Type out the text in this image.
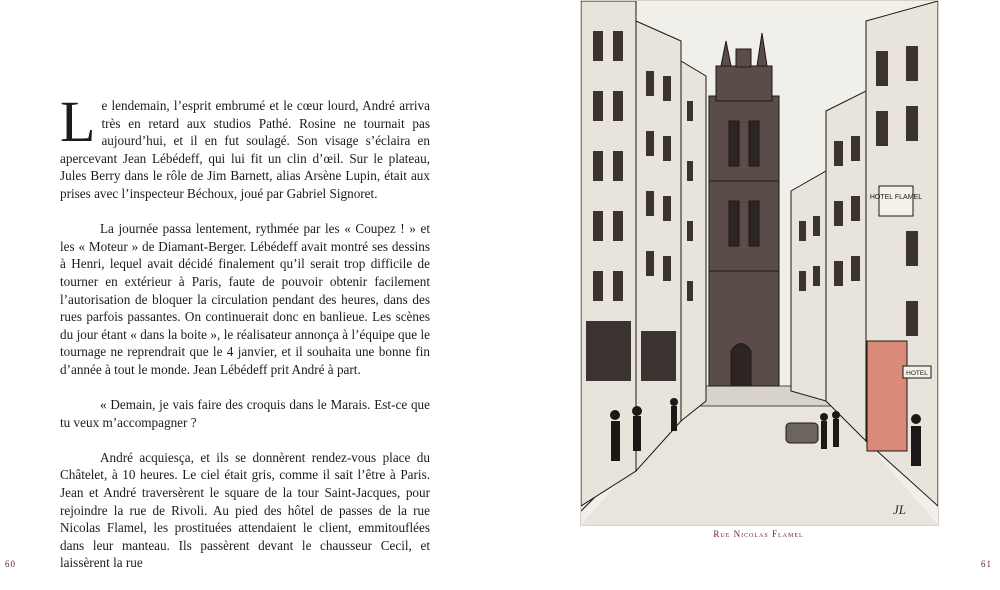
Le lendemain, l’esprit embrumé et le cœur lourd, André arriva très en retard aux studios Pathé. Rosine ne tournait pas aujourd’hui, et il en fut soulagé. Son visage s’éclaira en apercevant Jean Lébédeff, qui lui fit un clin d’œil. Sur le plateau, Jules Berry dans le rôle de Jim Barnett, alias Arsène Lupin, était aux prises avec l’inspecteur Béchoux, joué par Gabriel Signoret.

La journée passa lentement, rythmée par les « Coupez ! » et les « Moteur » de Diamant-Berger. Lébédeff avait montré ses dessins à Henri, lequel avait décidé finalement qu’il serait trop difficile de tourner en extérieur à Paris, faute de pouvoir obtenir facilement l’autorisation de bloquer la circulation pendant des heures, dans des rues parfois passantes. On continuerait donc en banlieue. Les scènes du jour étant « dans la boite », le réalisateur annonça à l’équipe que le tournage ne reprendrait que le 4 janvier, et il souhaita une bonne fin d’année à tout le monde. Jean Lébédeff prit André à part.

« Demain, je vais faire des croquis dans le Marais. Est-ce que tu veux m’accompagner ?

André acquiesça, et ils se donnèrent rendez-vous place du Châtelet, à 10 heures. Le ciel était gris, comme il sait l’être à Paris. Jean et André traversèrent le square de la tour Saint-Jacques, pour rejoindre la rue de Rivoli. Au pied des hôtel de passes de la rue Nicolas Flamel, les prostituées attendaient le client, emmitouflées dans leur manteau. Ils passèrent devant le chausseur Cecil, et laissèrent la rue

60
HOTEL FLAMEL
HOTEL
JL
Rue Nicolas Flamel
61
